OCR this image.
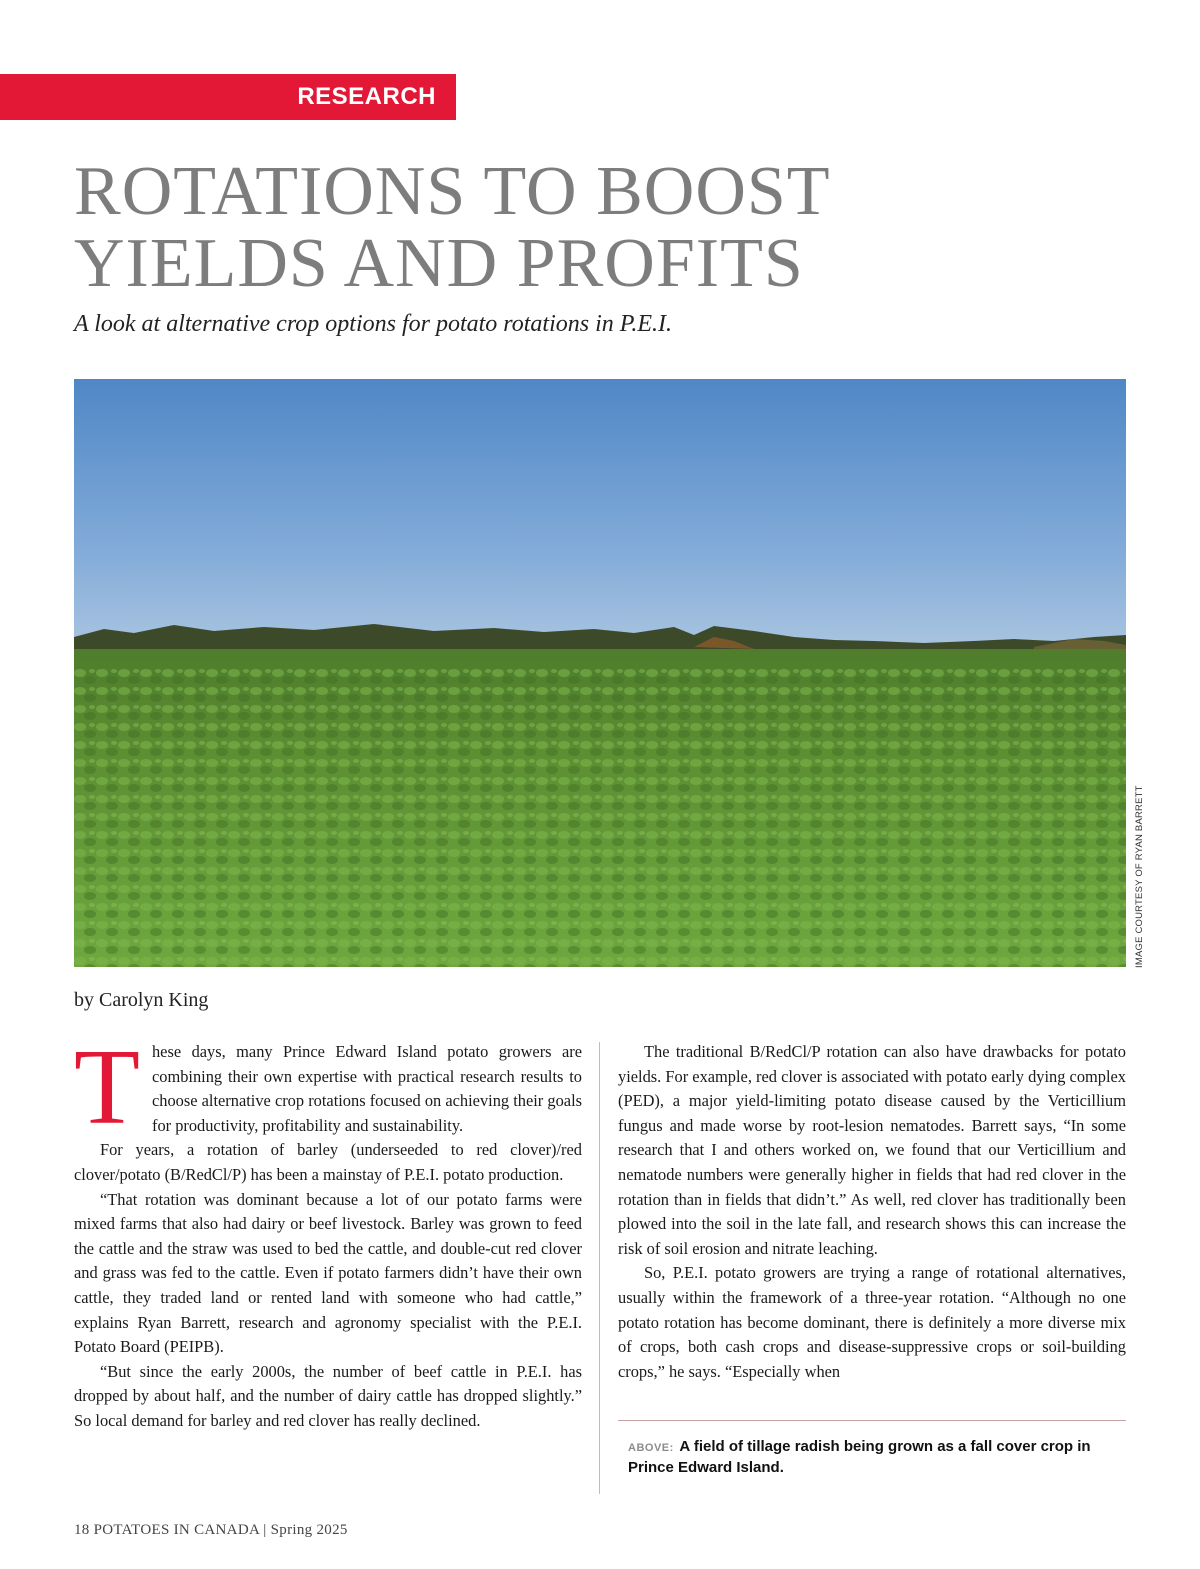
RESEARCH
ROTATIONS TO BOOST YIELDS AND PROFITS

A look at alternative crop options for potato rotations in P.E.I.

IMAGE COURTESY OF RYAN BARRETT

by Carolyn King

These days, many Prince Edward Island potato growers are combining their own expertise with practical research results to choose alternative crop rotations focused on achieving their goals for productivity, profitability and sustainability.

For years, a rotation of barley (underseeded to red clover)/red clover/potato (B/RedCl/P) has been a mainstay of P.E.I. potato production.

“That rotation was dominant because a lot of our potato farms were mixed farms that also had dairy or beef livestock. Barley was grown to feed the cattle and the straw was used to bed the cattle, and double-cut red clover and grass was fed to the cattle. Even if potato farmers didn’t have their own cattle, they traded land or rented land with someone who had cattle,” explains Ryan Barrett, research and agronomy specialist with the P.E.I. Potato Board (PEIPB).

“But since the early 2000s, the number of beef cattle in P.E.I. has dropped by about half, and the number of dairy cattle has dropped slightly.” So local demand for barley and red clover has really declined.

The traditional B/RedCl/P rotation can also have drawbacks for potato yields. For example, red clover is associated with potato early dying complex (PED), a major yield-limiting potato disease caused by the Verticillium fungus and made worse by root-lesion nematodes. Barrett says, “In some research that I and others worked on, we found that our Verticillium and nematode numbers were generally higher in fields that had red clover in the rotation than in fields that didn’t.” As well, red clover has traditionally been plowed into the soil in the late fall, and research shows this can increase the risk of soil erosion and nitrate leaching.

So, P.E.I. potato growers are trying a range of rotational alternatives, usually within the framework of a three-year rotation. “Although no one potato rotation has become dominant, there is definitely a more diverse mix of crops, both cash crops and disease-suppressive crops or soil-building crops,” he says. “Especially when

ABOVE: A field of tillage radish being grown as a fall cover crop in Prince Edward Island.

18 POTATOES IN CANADA | Spring 2025
